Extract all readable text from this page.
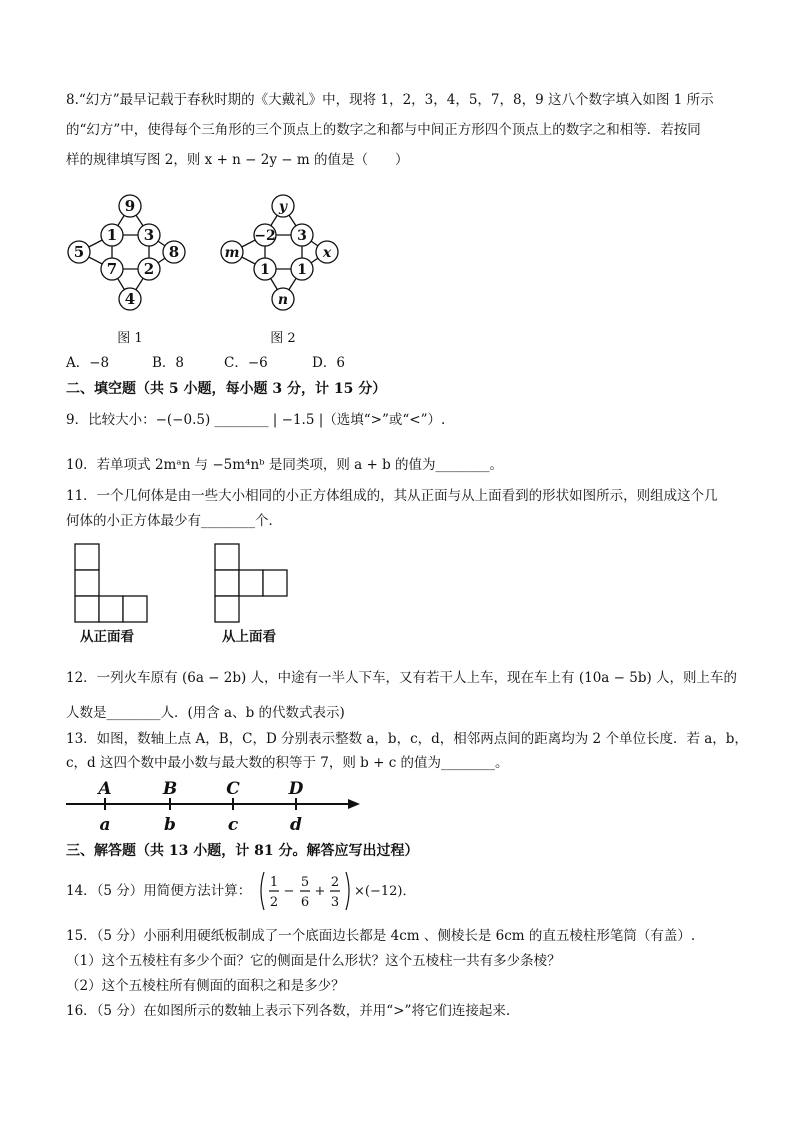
8.“幻方”最早记载于春秋时期的《大戴礼》中，现将 1，2，3，4，5，7，8，9 这八个数字填入如图 1 所示
的“幻方”中，使得每个三角形的三个顶点上的数字之和都与中间正方形四个顶点上的数字之和相等．若按同
样的规律填写图 2，则 x + n − 2y − m 的值是（　　）
9
1 3
7 2
5	8
4
图 1
y
−2 3
1 1
m	x
n
图 2
A．−8	B．8	C．−6	D．6
二、填空题（共 5 小题，每小题 3 分，计 15 分）
9．比较大小：−(−0.5) ________ | −1.5 |（选填“>”或“<”）.
10．若单项式 2mᵃn 与 −5m⁴nᵇ 是同类项，则 a + b 的值为________。
11．一个几何体是由一些大小相同的小正方体组成的，其从正面与从上面看到的形状如图所示，则组成这个几
何体的小正方体最少有________个．
从正面看	从上面看
12．一列火车原有 (6a − 2b) 人，中途有一半人下车，又有若干人上车，现在车上有 (10a − 5b) 人，则上车的
人数是________人．(用含 a、b 的代数式表示)
13．如图，数轴上点 A，B，C，D 分别表示整数 a，b，c，d，相邻两点间的距离均为 2 个单位长度．若 a，b，
c，d 这四个数中最小数与最大数的积等于 7，则 b + c 的值为________。
A	B	C	D
a	b	c	d
三、解答题（共 13 小题，计 81 分。解答应写出过程）
14．（5 分）用简便方法计算：
1
2
−
5
6
+
2
3
×(−12)．
15．（5 分）小丽利用硬纸板制成了一个底面边长都是 4cm 、侧棱长是 6cm 的直五棱柱形笔筒（有盖）.
（1）这个五棱柱有多少个面？它的侧面是什么形状？这个五棱柱一共有多少条棱？
（2）这个五棱柱所有侧面的面积之和是多少？
16．（5 分）在如图所示的数轴上表示下列各数，并用“>”将它们连接起来.
